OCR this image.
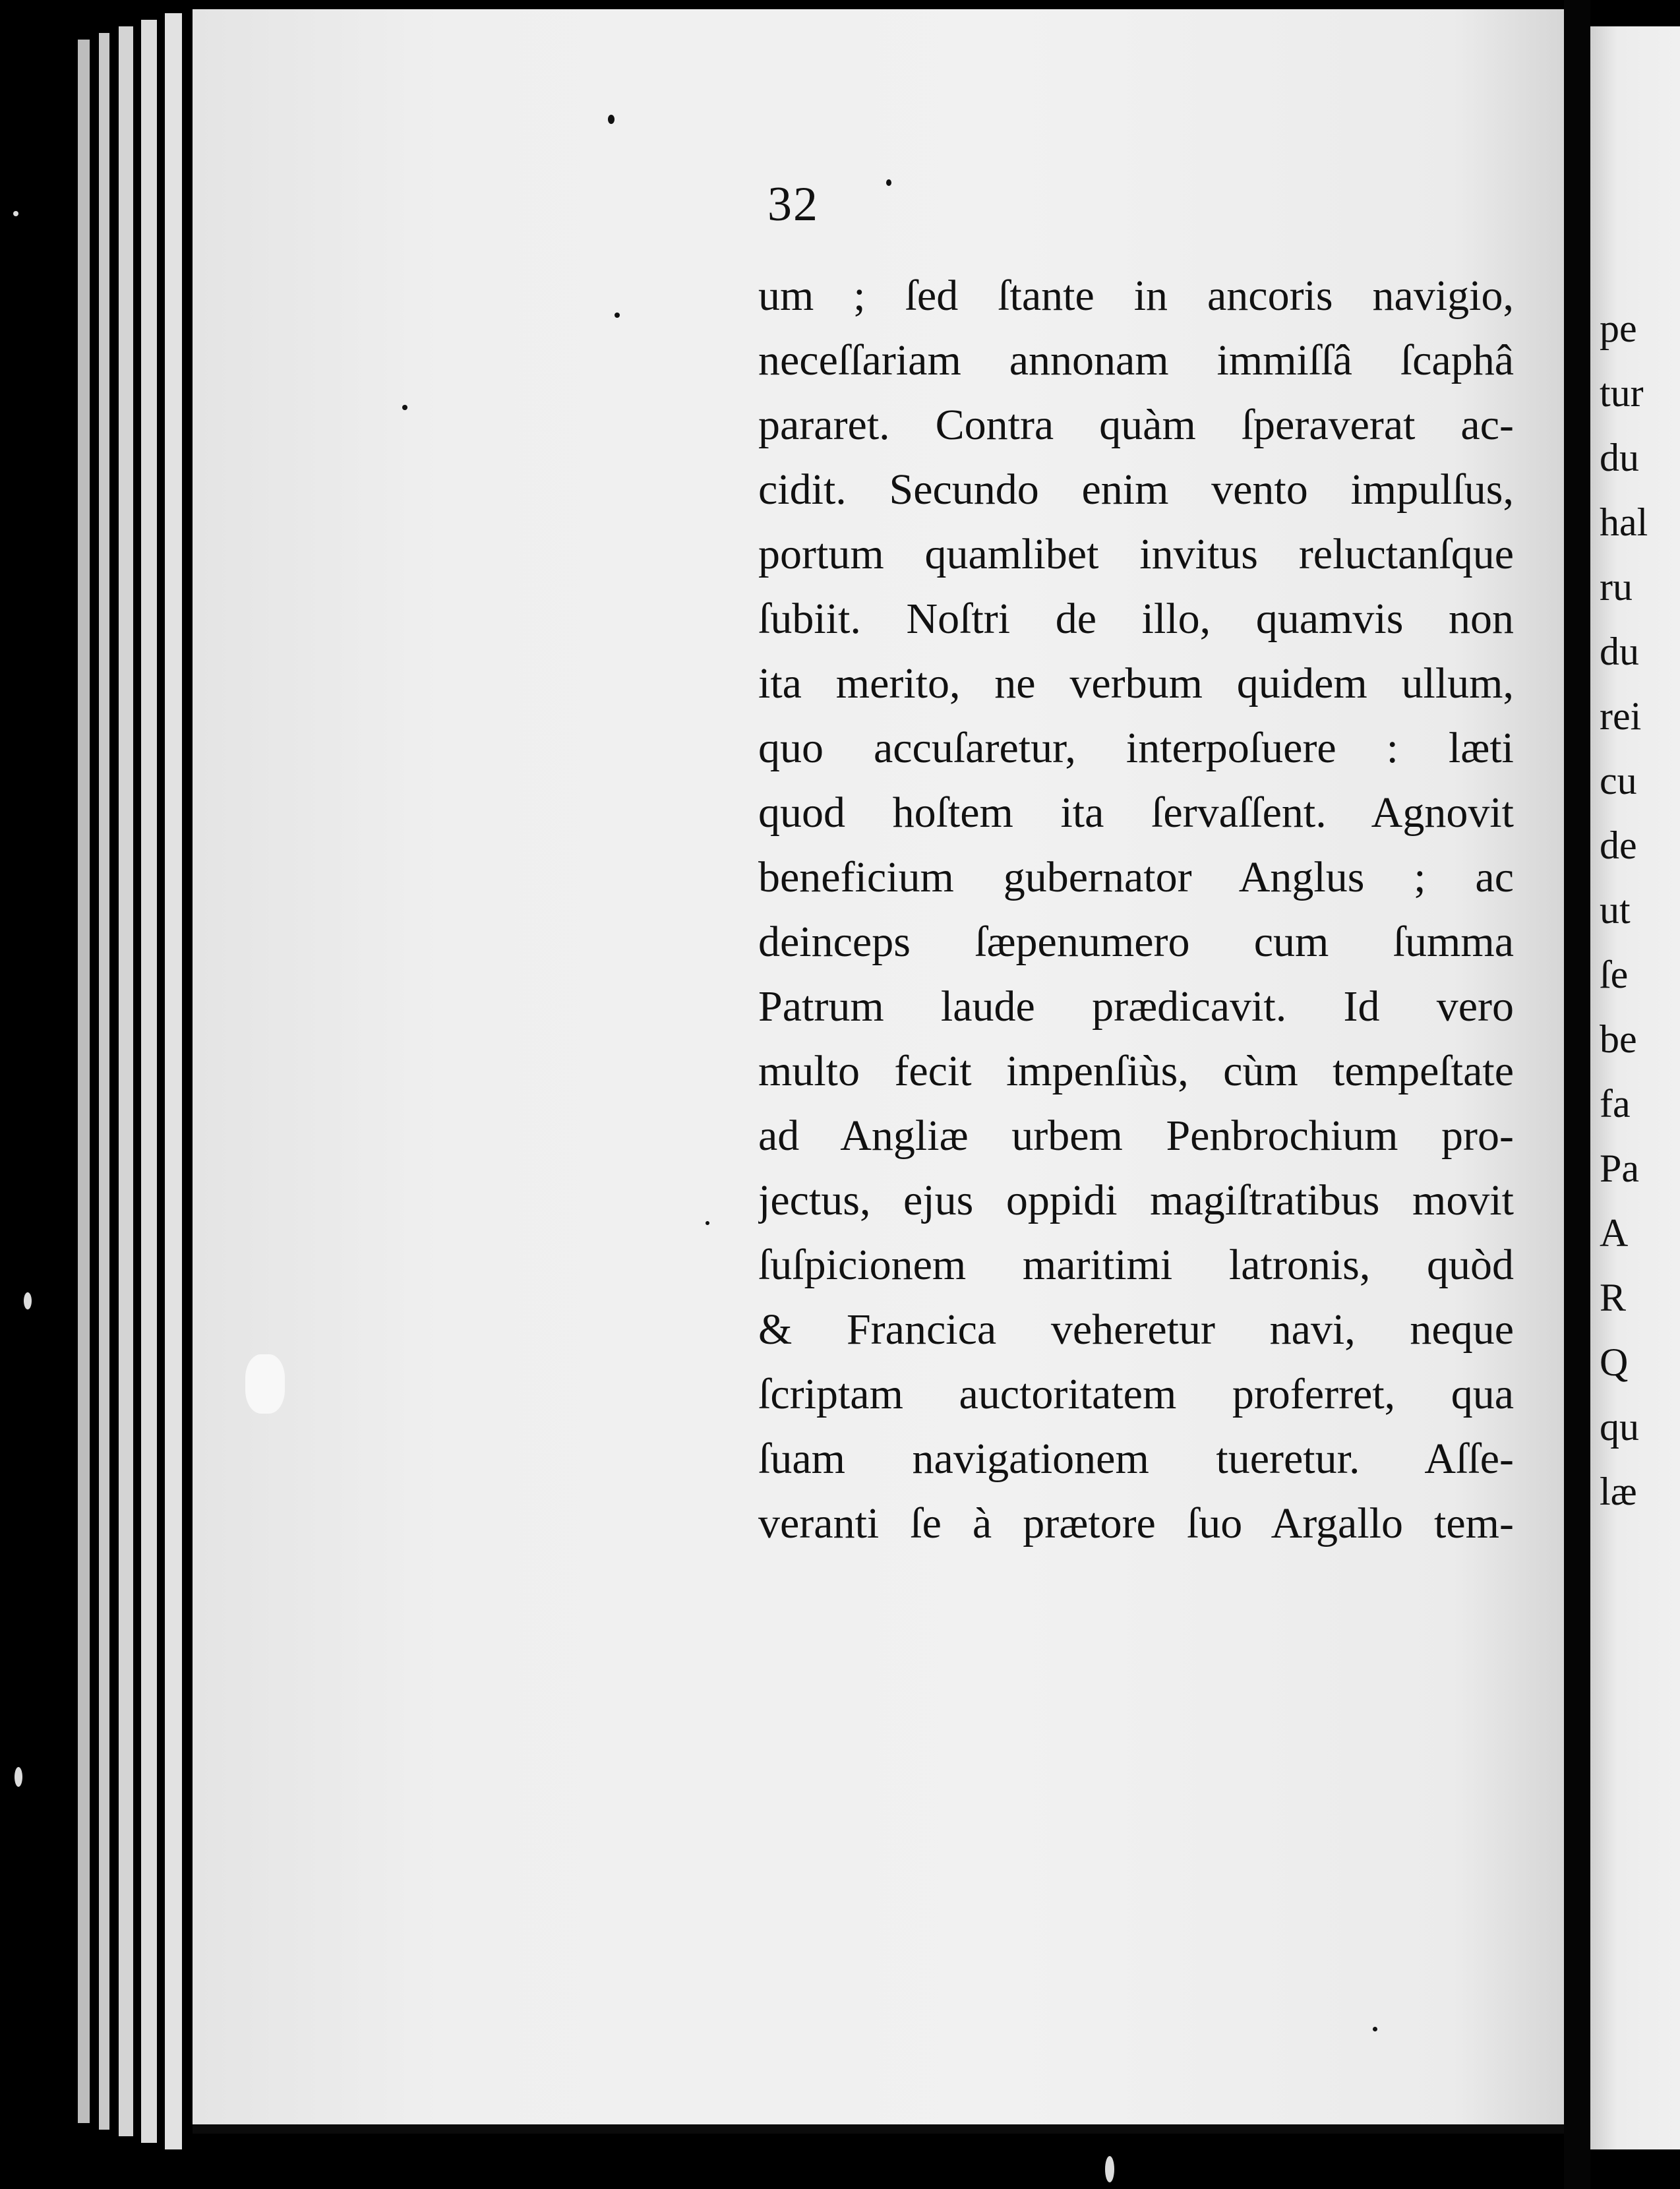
32
um ; ſed ſtante in ancoris navigio,
neceſſariam annonam immiſſâ ſcaphâ
pararet. Contra quàm ſperaverat ac-
cidit. Secundo enim vento impulſus,
portum quamlibet invitus reluctanſque
ſubiit. Noſtri de illo, quamvis non
ita merito, ne verbum quidem ullum,
quo accuſaretur, interpoſuere : læti
quod hoſtem ita ſervaſſent. Agnovit
beneficium gubernator Anglus ; ac
deinceps ſæpenumero cum ſumma
Patrum laude prædicavit. Id vero
multo fecit impenſiùs, cùm tempeſtate
ad Angliæ urbem Penbrochium pro-
jectus, ejus oppidi magiſtratibus movit
ſuſpicionem maritimi latronis, quòd
& Francica veheretur navi, neque
ſcriptam auctoritatem proferret, qua
ſuam navigationem tueretur. Aſſe-
veranti ſe à prætore ſuo Argallo tem-
pe
tur
du
hal
ru
du
rei
cu
de
ut
ſe
be
fa
Pa
A
R
Q
qu
læ
